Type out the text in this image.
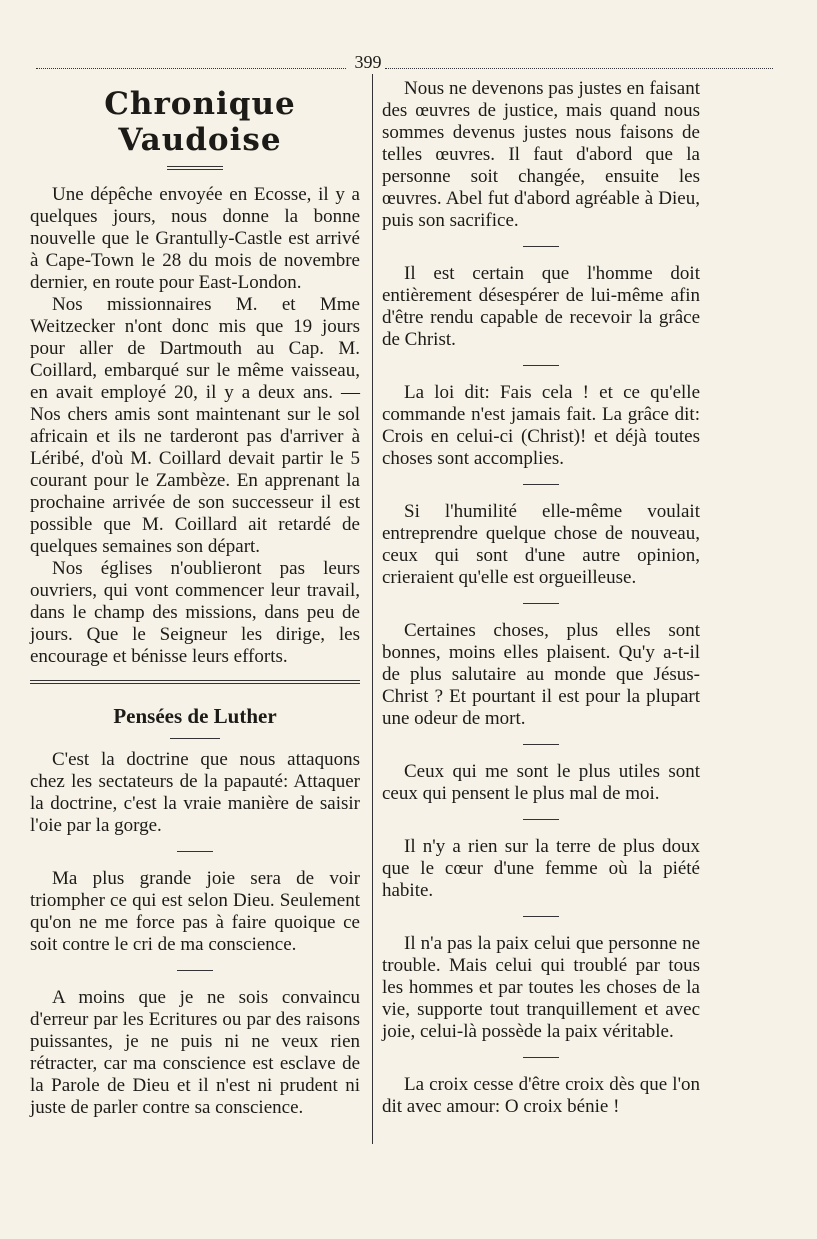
399
Chronique Vaudoise

Une dépêche envoyée en Ecosse, il y a quelques jours, nous donne la bonne nouvelle que le Grantully-Castle est arrivé à Cape-Town le 28 du mois de novembre dernier, en route pour East-London.

Nos missionnaires M. et Mme Weitzecker n'ont donc mis que 19 jours pour aller de Dartmouth au Cap. M. Coillard, embarqué sur le même vaisseau, en avait employé 20, il y a deux ans. — Nos chers amis sont maintenant sur le sol africain et ils ne tarderont pas d'arriver à Léribé, d'où M. Coillard devait partir le 5 courant pour le Zambèze. En apprenant la prochaine arrivée de son successeur il est possible que M. Coillard ait retardé de quelques semaines son départ.

Nos églises n'oublieront pas leurs ouvriers, qui vont commencer leur travail, dans le champ des missions, dans peu de jours. Que le Seigneur les dirige, les encourage et bénisse leurs efforts.

Pensées de Luther

C'est la doctrine que nous attaquons chez les sectateurs de la papauté: Attaquer la doctrine, c'est la vraie manière de saisir l'oie par la gorge.

Ma plus grande joie sera de voir triompher ce qui est selon Dieu. Seulement qu'on ne me force pas à faire quoique ce soit contre le cri de ma conscience.

A moins que je ne sois convaincu d'erreur par les Ecritures ou par des raisons puissantes, je ne puis ni ne veux rien rétracter, car ma conscience est esclave de la Parole de Dieu et il n'est ni prudent ni juste de parler contre sa conscience.

Nous ne devenons pas justes en faisant des œuvres de justice, mais quand nous sommes devenus justes nous faisons de telles œuvres. Il faut d'abord que la personne soit changée, ensuite les œuvres. Abel fut d'abord agréable à Dieu, puis son sacrifice.

Il est certain que l'homme doit entièrement désespérer de lui-même afin d'être rendu capable de recevoir la grâce de Christ.

La loi dit: Fais cela ! et ce qu'elle commande n'est jamais fait. La grâce dit: Crois en celui-ci (Christ)! et déjà toutes choses sont accomplies.

Si l'humilité elle-même voulait entreprendre quelque chose de nouveau, ceux qui sont d'une autre opinion, crieraient qu'elle est orgueilleuse.

Certaines choses, plus elles sont bonnes, moins elles plaisent. Qu'y a-t-il de plus salutaire au monde que Jésus-Christ ? Et pourtant il est pour la plupart une odeur de mort.

Ceux qui me sont le plus utiles sont ceux qui pensent le plus mal de moi.

Il n'y a rien sur la terre de plus doux que le cœur d'une femme où la piété habite.

Il n'a pas la paix celui que personne ne trouble. Mais celui qui troublé par tous les hommes et par toutes les choses de la vie, supporte tout tranquillement et avec joie, celui-là possède la paix véritable.

La croix cesse d'être croix dès que l'on dit avec amour: O croix bénie !
